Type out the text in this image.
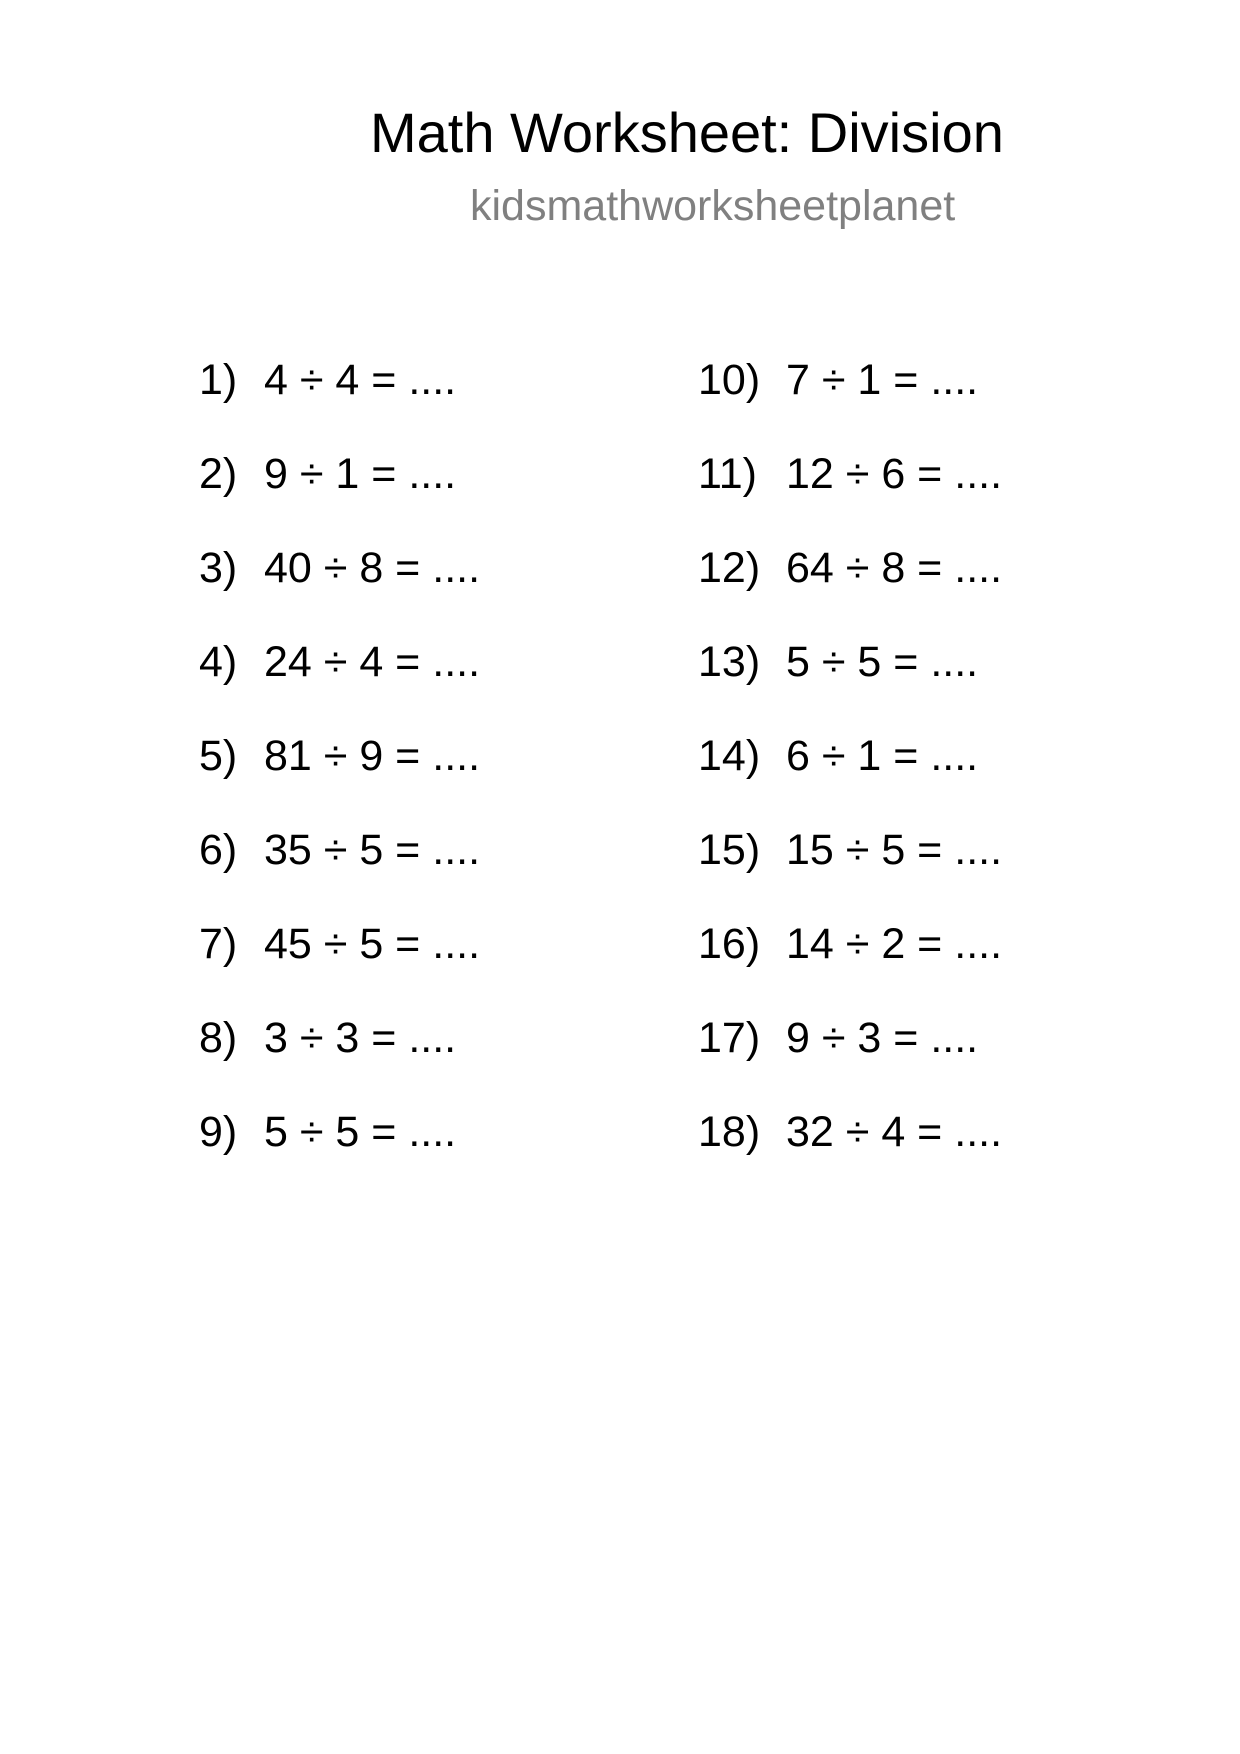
Math Worksheet: Division
kidsmathworksheetplanet
1) 4 ÷ 4 = ....
2) 9 ÷ 1 = ....
3) 40 ÷ 8 = ....
4) 24 ÷ 4 = ....
5) 81 ÷ 9 = ....
6) 35 ÷ 5 = ....
7) 45 ÷ 5 = ....
8) 3 ÷ 3 = ....
9) 5 ÷ 5 = ....
10) 7 ÷ 1 = ....
11) 12 ÷ 6 = ....
12) 64 ÷ 8 = ....
13) 5 ÷ 5 = ....
14) 6 ÷ 1 = ....
15) 15 ÷ 5 = ....
16) 14 ÷ 2 = ....
17) 9 ÷ 3 = ....
18) 32 ÷ 4 = ....
